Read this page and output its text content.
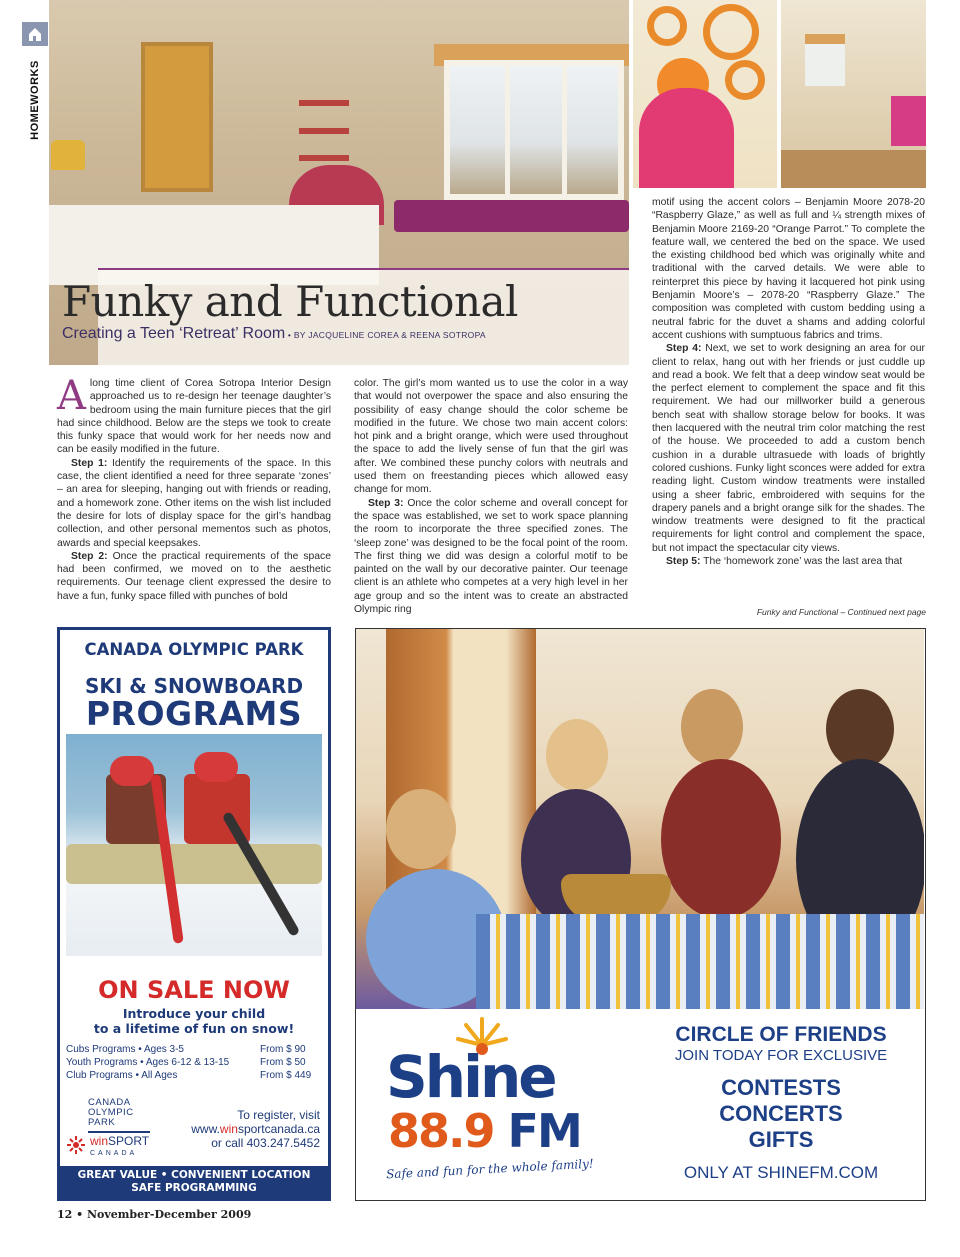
HOMEWORKS
Funky and Functional
Creating a Teen ‘Retreat’ Room • BY JACQUELINE COREA & REENA SOTROPA

Along time client of Corea Sotropa Interior Design approached us to re-design her teenage daughter’s bedroom using the main furniture pieces that the girl had since childhood. Below are the steps we took to create this funky space that would work for her needs now and can be easily modified in the future.

Step 1: Identify the requirements of the space. In this case, the client identified a need for three separate ‘zones’ – an area for sleeping, hanging out with friends or reading, and a homework zone. Other items on the wish list included the desire for lots of display space for the girl’s handbag collection, and other personal mementos such as photos, awards and special keepsakes.

Step 2: Once the practical requirements of the space had been confirmed, we moved on to the aesthetic requirements. Our teenage client expressed the desire to have a fun, funky space filled with punches of bold

color. The girl’s mom wanted us to use the color in a way that would not overpower the space and also ensuring the possibility of easy change should the color scheme be modified in the future. We chose two main accent colors: hot pink and a bright orange, which were used throughout the space to add the lively sense of fun that the girl was after. We combined these punchy colors with neutrals and used them on freestanding pieces which allowed easy change for mom.

Step 3: Once the color scheme and overall concept for the space was established, we set to work space planning the room to incorporate the three specified zones. The ‘sleep zone’ was designed to be the focal point of the room. The first thing we did was design a colorful motif to be painted on the wall by our decorative painter. Our teenage client is an athlete who competes at a very high level in her age group and so the intent was to create an abstracted Olympic ring

motif using the accent colors – Benjamin Moore 2078-20 “Raspberry Glaze,” as well as full and ¼ strength mixes of Benjamin Moore 2169-20 “Orange Parrot.” To complete the feature wall, we centered the bed on the space. We used the existing childhood bed which was originally white and traditional with the carved details. We were able to reinterpret this piece by having it lacquered hot pink using Benjamin Moore’s – 2078-20 “Raspberry Glaze.” The composition was completed with custom bedding using a neutral fabric for the duvet a shams and adding colorful accent cushions with sumptuous fabrics and trims.

Step 4: Next, we set to work designing an area for our client to relax, hang out with her friends or just cuddle up and read a book. We felt that a deep window seat would be the perfect element to complement the space and fit this requirement. We had our millworker build a generous bench seat with shallow storage below for books. It was then lacquered with the neutral trim color matching the rest of the house. We proceeded to add a custom bench cushion in a durable ultrasuede with loads of brightly colored cushions. Funky light sconces were added for extra reading light. Custom window treatments were installed using a sheer fabric, embroidered with sequins for the drapery panels and a bright orange silk for the shades. The window treatments were designed to fit the practical requirements for light control and complement the space, but not impact the spectacular city views.

Step 5: The ‘homework zone’ was the last area that

Funky and Functional – Continued next page
CANADA OLYMPIC PARK
SKI & SNOWBOARD
PROGRAMS
ON SALE NOW
Introduce your child
to a lifetime of fun on snow!
Cubs Programs • Ages 3-5	From $ 90
Youth Programs • Ages 6-12 & 13-15	From $ 50
Club Programs • All Ages	From $ 449
CANADA
OLYMPIC
PARK
winSPORT
CANADA
To register, visit
www.winsportcanada.ca
or call 403.247.5452
GREAT VALUE • CONVENIENT LOCATION
SAFE PROGRAMMING
Shine
88.9 FM
Safe and fun for the whole family!
CIRCLE OF FRIENDS
JOIN TODAY FOR EXCLUSIVE
CONTESTS
CONCERTS
GIFTS
ONLY AT SHINEFM.COM
12 • November-December 2009
